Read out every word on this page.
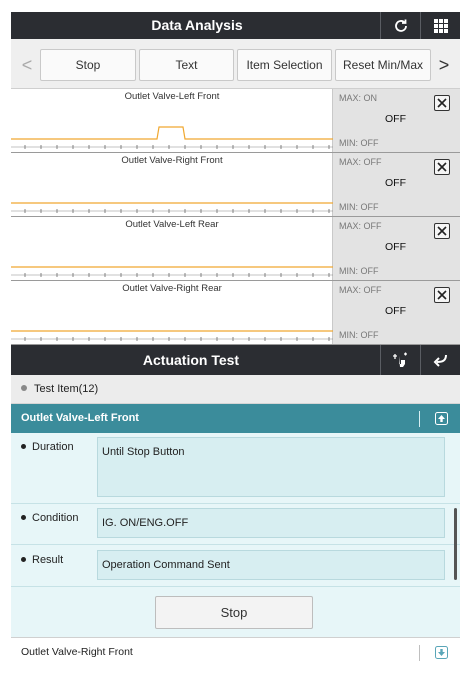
Data Analysis
<	Stop	Text	Item Selection	Reset Min/Max >
Outlet Valve-Left Front	MAX: ON
OFF
MIN: OFF
Outlet Valve-Right Front	MAX: OFF
OFF
MIN: OFF
Outlet Valve-Left Rear	MAX: OFF
OFF
MIN: OFF
Outlet Valve-Right Rear	MAX: OFF
OFF
MIN: OFF
Actuation Test
Test Item(12)
Outlet Valve-Left Front
Duration	Until Stop Button
Condition	IG. ON/ENG.OFF
Result	Operation Command Sent
Stop
Outlet Valve-Right Front
